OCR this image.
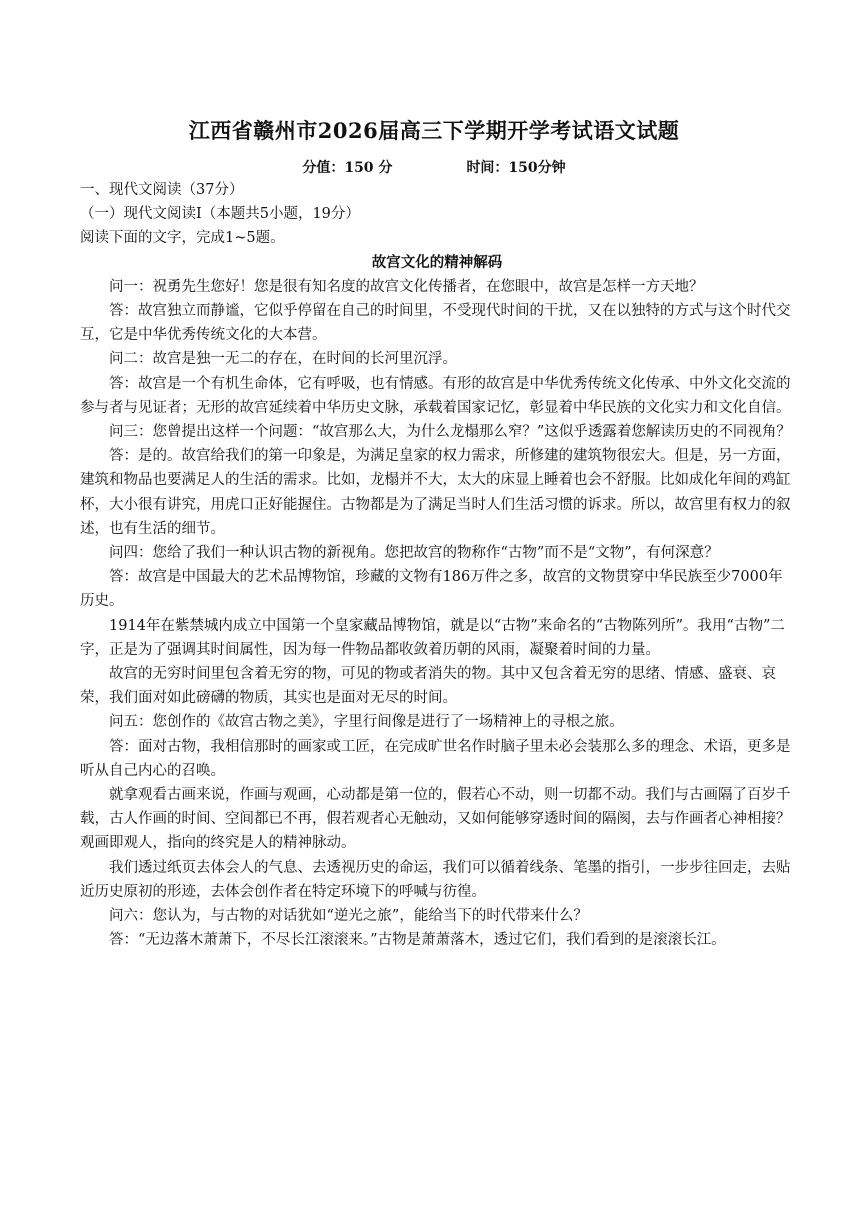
江西省赣州市2026届高三下学期开学考试语文试题
分值：150 分	时间：150分钟

一、现代文阅读（37分）

（一）现代文阅读Ⅰ（本题共5小题，19分）

阅读下面的文字，完成1~5题。

故宫文化的精神解码

问一：祝勇先生您好！您是很有知名度的故宫文化传播者，在您眼中，故宫是怎样一方天地？

答：故宫独立而静谧，它似乎停留在自己的时间里，不受现代时间的干扰，又在以独特的方式与这个时代交互，它是中华优秀传统文化的大本营。

问二：故宫是独一无二的存在，在时间的长河里沉浮。

答：故宫是一个有机生命体，它有呼吸，也有情感。有形的故宫是中华优秀传统文化传承、中外文化交流的参与者与见证者；无形的故宫延续着中华历史文脉，承载着国家记忆，彰显着中华民族的文化实力和文化自信。

问三：您曾提出这样一个问题：“故宫那么大，为什么龙榻那么窄？”这似乎透露着您解读历史的不同视角？

答：是的。故宫给我们的第一印象是，为满足皇家的权力需求，所修建的建筑物很宏大。但是，另一方面，建筑和物品也要满足人的生活的需求。比如，龙榻并不大，太大的床显上睡着也会不舒服。比如成化年间的鸡缸杯，大小很有讲究，用虎口正好能握住。古物都是为了满足当时人们生活习惯的诉求。所以，故宫里有权力的叙述，也有生活的细节。

问四：您给了我们一种认识古物的新视角。您把故宫的物称作“古物”而不是“文物”，有何深意？

答：故宫是中国最大的艺术品博物馆，珍藏的文物有186万件之多，故宫的文物贯穿中华民族至少7000年历史。

1914年在紫禁城内成立中国第一个皇家藏品博物馆，就是以“古物”来命名的“古物陈列所”。我用“古物”二字，正是为了强调其时间属性，因为每一件物品都收敛着历朝的风雨，凝聚着时间的力量。

故宫的无穷时间里包含着无穷的物，可见的物或者消失的物。其中又包含着无穷的思绪、情感、盛衰、哀荣，我们面对如此磅礴的物质，其实也是面对无尽的时间。

问五：您创作的《故宫古物之美》，字里行间像是进行了一场精神上的寻根之旅。

答：面对古物，我相信那时的画家或工匠，在完成旷世名作时脑子里未必会装那么多的理念、术语，更多是听从自己内心的召唤。

就拿观看古画来说，作画与观画，心动都是第一位的，假若心不动，则一切都不动。我们与古画隔了百岁千载，古人作画的时间、空间都已不再，假若观者心无触动，又如何能够穿透时间的隔阂，去与作画者心神相接？观画即观人，指向的终究是人的精神脉动。

我们透过纸页去体会人的气息、去透视历史的命运，我们可以循着线条、笔墨的指引，一步步往回走，去贴近历史原初的形迹，去体会创作者在特定环境下的呼喊与彷徨。

问六：您认为，与古物的对话犹如“逆光之旅”，能给当下的时代带来什么？

答：“无边落木萧萧下，不尽长江滚滚来。”古物是萧萧落木，透过它们，我们看到的是滚滚长江。
